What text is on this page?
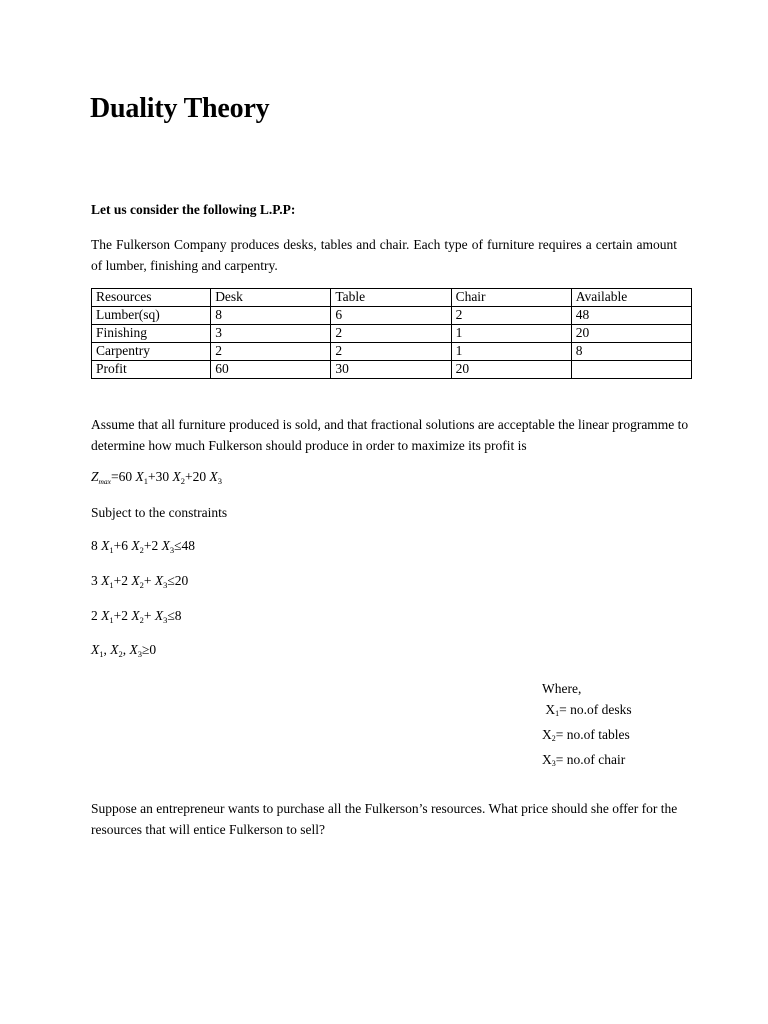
Duality Theory
Let us consider the following L.P.P:
The Fulkerson Company produces desks, tables and chair. Each type of furniture requires a certain amount of lumber, finishing and carpentry.
Resources	Desk	Table	Chair	Available
Lumber(sq)	8	6	2	48
Finishing	3	2	1	20
Carpentry	2	2	1	8
Profit	60	30	20	
Assume that all furniture produced is sold, and that fractional solutions are acceptable the linear programme to determine how much Fulkerson should produce in order to maximize its profit is
$Z_{max}=60$ $X_1+30$ $X_2+20$ $X_3$
Subject to the constraints
8 $X_1+6$ $X_2+2$ $X_3\le 48$
3 $X_1+2$ $X_2+ X_3\le 20$
2 $X_1+2$ $X_2+ X_3\le 8$
$X_1$, $X_2$, $X_3\ge 0$
Where,
$X_1= no.of$ desks
$X_2= no.of$ tables
$X_3= no.of$ chair
Suppose an entrepreneur wants to purchase all the Fulkerson’s resources. What price should she offer for the resources that will entice Fulkerson to sell?
